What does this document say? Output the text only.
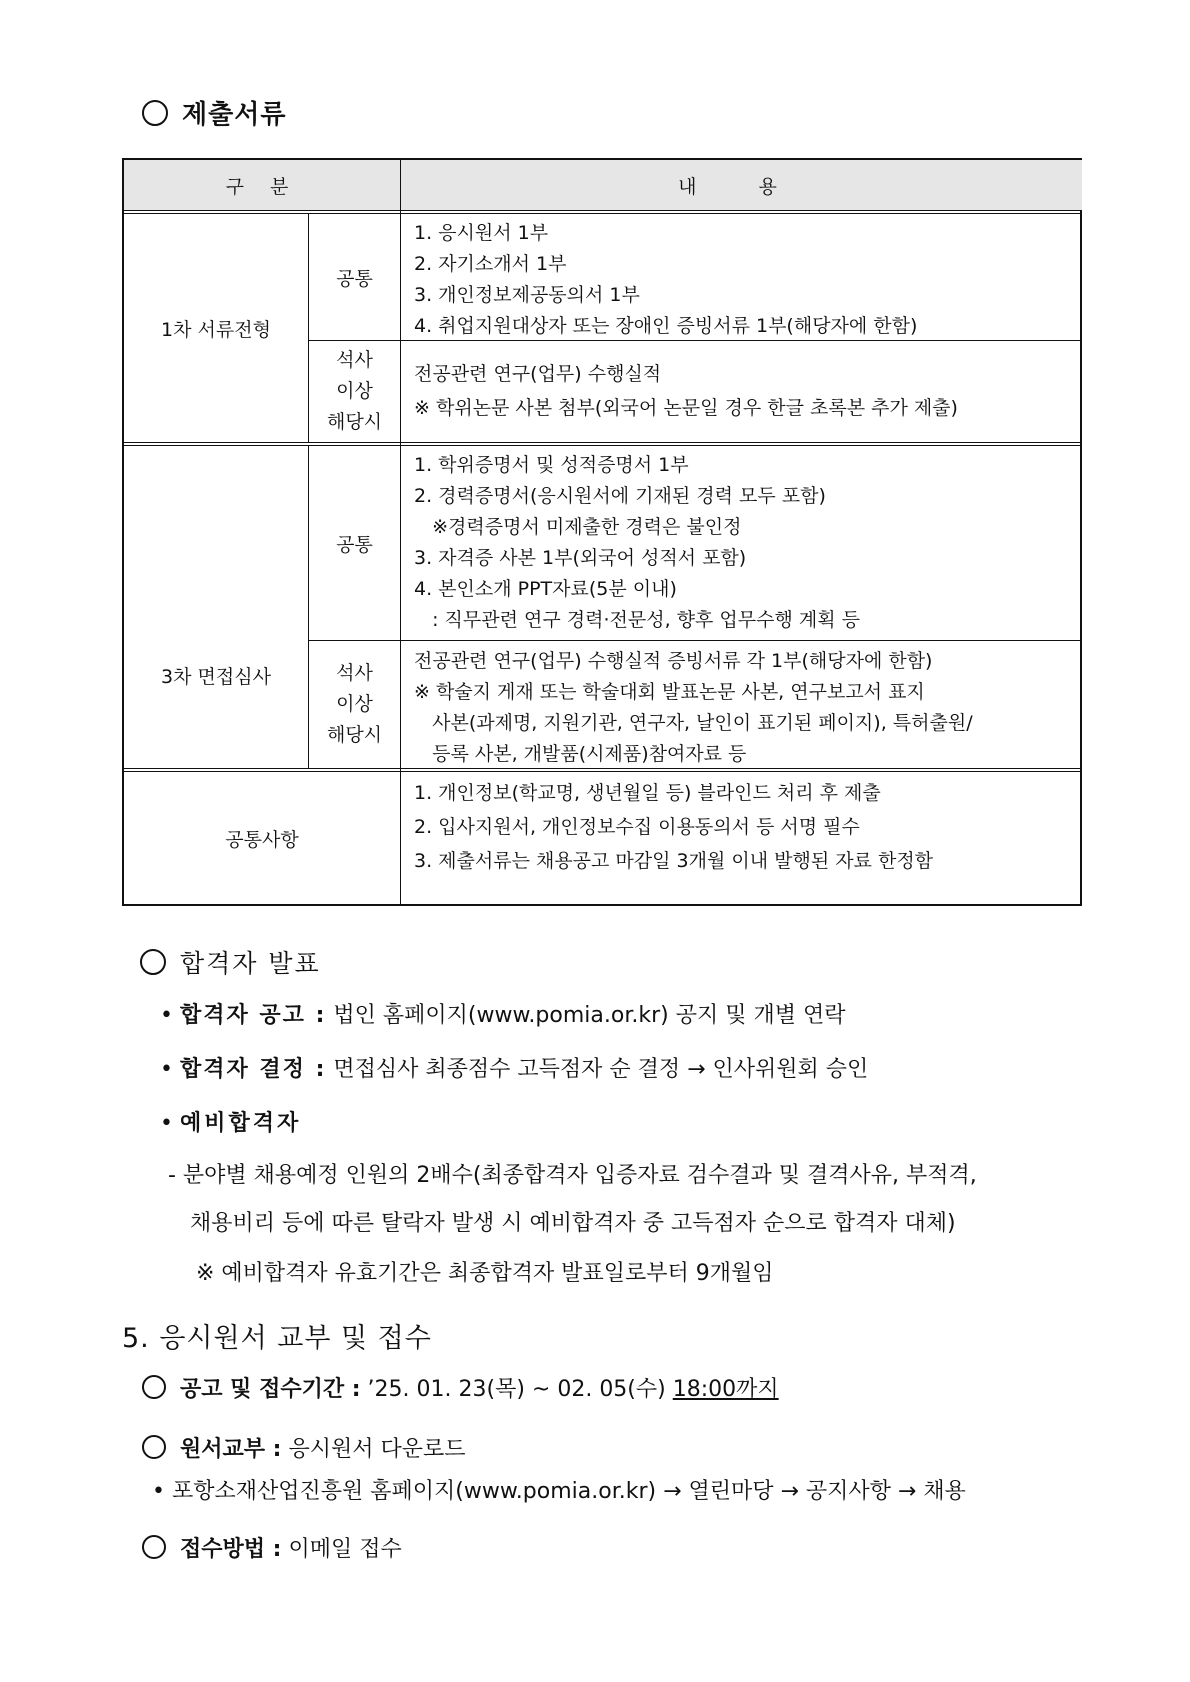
제출서류
구 분	내 용
1차 서류전형
공통
1. 응시원서 1부
2. 자기소개서 1부
3. 개인정보제공동의서 1부
4. 취업지원대상자 또는 장애인 증빙서류 1부(해당자에 한함)
석사
이상
해당시
전공관련 연구(업무) 수행실적
※ 학위논문 사본 첨부(외국어 논문일 경우 한글 초록본 추가 제출)
3차 면접심사
공통
1. 학위증명서 및 성적증명서 1부
2. 경력증명서(응시원서에 기재된 경력 모두 포함)
※경력증명서 미제출한 경력은 불인정
3. 자격증 사본 1부(외국어 성적서 포함)
4. 본인소개 PPT자료(5분 이내)
: 직무관련 연구 경력·전문성, 향후 업무수행 계획 등
석사
이상
해당시
전공관련 연구(업무) 수행실적 증빙서류 각 1부(해당자에 한함)
※ 학술지 게재 또는 학술대회 발표논문 사본, 연구보고서 표지
사본(과제명, 지원기관, 연구자, 날인이 표기된 페이지), 특허출원/
등록 사본, 개발품(시제품)참여자료 등
공통사항
1. 개인정보(학교명, 생년월일 등) 블라인드 처리 후 제출
2. 입사지원서, 개인정보수집 이용동의서 등 서명 필수
3. 제출서류는 채용공고 마감일 3개월 이내 발행된 자료 한정함
합격자 발표
• 합격자 공고 : 법인 홈페이지(www.pomia.or.kr) 공지 및 개별 연락
• 합격자 결정 : 면접심사 최종점수 고득점자 순 결정 → 인사위원회 승인
• 예비합격자
- 분야별 채용예정 인원의 2배수(최종합격자 입증자료 검수결과 및 결격사유, 부적격,
채용비리 등에 따른 탈락자 발생 시 예비합격자 중 고득점자 순으로 합격자 대체)
※ 예비합격자 유효기간은 최종합격자 발표일로부터 9개월임
5. 응시원서 교부 및 접수
공고 및 접수기간 : ’25. 01. 23(목) ~ 02. 05(수) 18:00까지
원서교부 : 응시원서 다운로드
• 포항소재산업진흥원 홈페이지(www.pomia.or.kr) → 열린마당 → 공지사항 → 채용
접수방법 : 이메일 접수
